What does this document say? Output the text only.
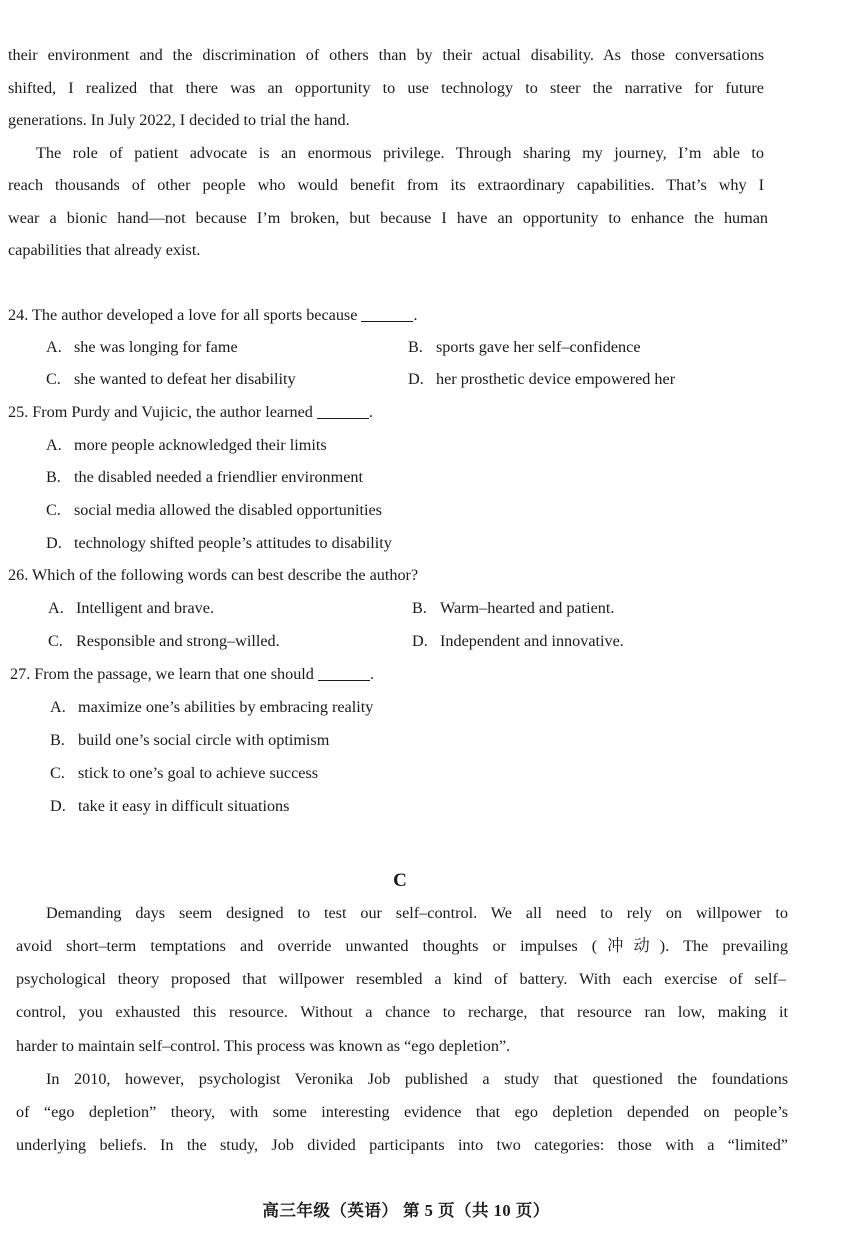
their environment and the discrimination of others than by their actual disability. As those conversations
shifted, I realized that there was an opportunity to use technology to steer the narrative for future
generations. In July 2022, I decided to trial the hand.
The role of patient advocate is an enormous privilege. Through sharing my journey, I’m able to
reach thousands of other people who would benefit from its extraordinary capabilities. That’s why I
wear a bionic hand—not because I’m broken, but because I have an opportunity to enhance the human
capabilities that already exist.
24. The author developed a love for all sports because	.
A. she was longing for fame	B. sports gave her self–confidence
C. she wanted to defeat her disability	D. her prosthetic device empowered her
25. From Purdy and Vujicic, the author learned	.
A. more people acknowledged their limits
B. the disabled needed a friendlier environment
C. social media allowed the disabled opportunities
D. technology shifted people’s attitudes to disability
26. Which of the following words can best describe the author?
A. Intelligent and brave.	B. Warm–hearted and patient.
C. Responsible and strong–willed.	D. Independent and innovative.
27. From the passage, we learn that one should	.
A. maximize one’s abilities by embracing reality
B. build one’s social circle with optimism
C. stick to one’s goal to achieve success
D. take it easy in difficult situations
C
Demanding days seem designed to test our self–control. We all need to rely on willpower to
avoid short–term temptations and override unwanted thoughts or impulses (冲动). The prevailing
psychological theory proposed that willpower resembled a kind of battery. With each exercise of self–
control, you exhausted this resource. Without a chance to recharge, that resource ran low, making it
harder to maintain self–control. This process was known as “ego depletion”.
In 2010, however, psychologist Veronika Job published a study that questioned the foundations
of “ego depletion” theory, with some interesting evidence that ego depletion depended on people’s
underlying beliefs. In the study, Job divided participants into two categories: those with a “limited”
高三年级（英语） 第 5 页（共 10 页）
